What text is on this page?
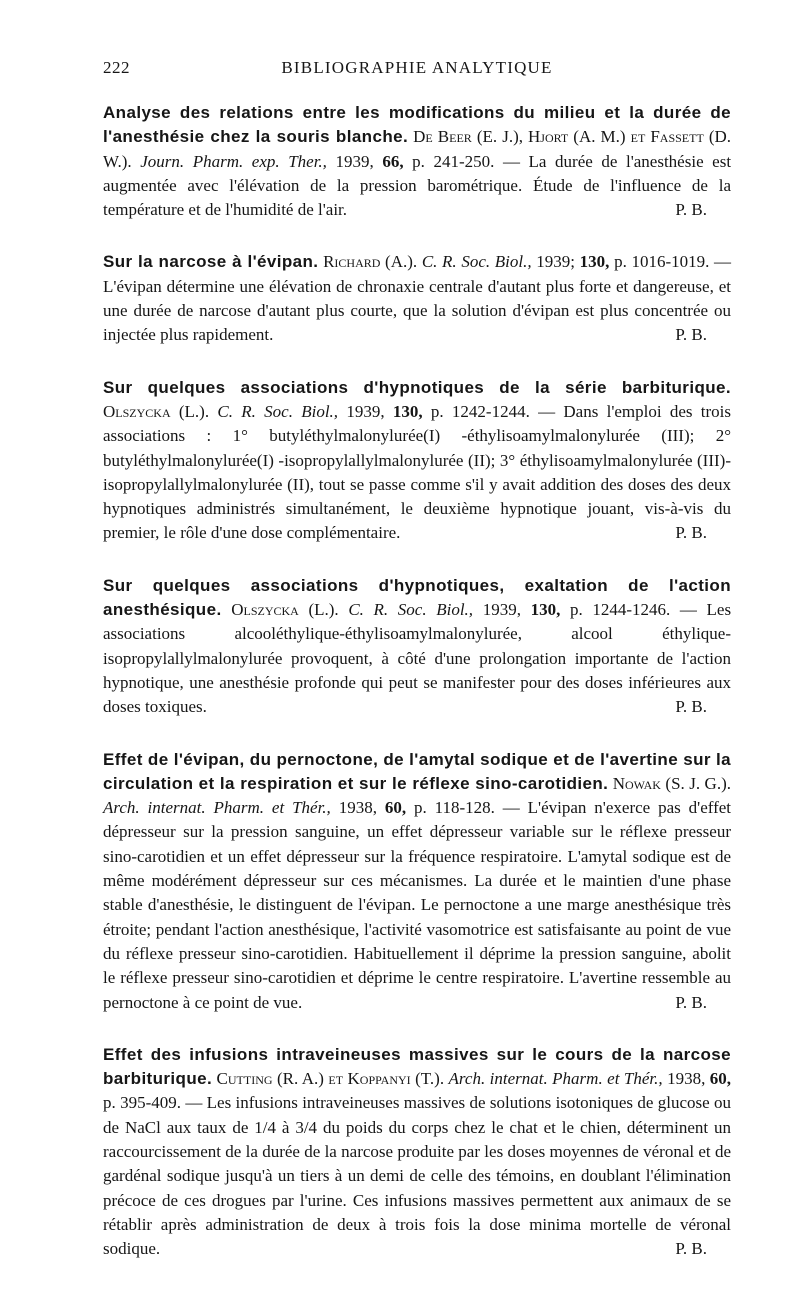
222	BIBLIOGRAPHIE ANALYTIQUE

Analyse des relations entre les modifications du milieu et la durée de l'anesthésie chez la souris blanche. De Beer (E. J.), Hjort (A. M.) et Fassett (D. W.). Journ. Pharm. exp. Ther., 1939, 66, p. 241-250. — La durée de l'anesthésie est augmentée avec l'élévation de la pression barométrique. Étude de l'influence de la température et de l'humidité de l'air.	P. B.

Sur la narcose à l'évipan. Richard (A.). C. R. Soc. Biol., 1939; 130, p. 1016-1019. — L'évipan détermine une élévation de chronaxie centrale d'autant plus forte et dangereuse, et une durée de narcose d'autant plus courte, que la solution d'évipan est plus concentrée ou injectée plus rapidement.	P. B.

Sur quelques associations d'hypnotiques de la série barbiturique. Olszycka (L.). C. R. Soc. Biol., 1939, 130, p. 1242-1244. — Dans l'emploi des trois associations : 1° butyléthylmalonylurée(I) -éthylisoamylmalonylurée (III); 2° butyléthylmalonylurée(I) -isopropylallylmalonylurée (II); 3° éthylisoamylmalonylurée (III)-isopropylallylmalonylurée (II), tout se passe comme s'il y avait addition des doses des deux hypnotiques administrés simultanément, le deuxième hypnotique jouant, vis-à-vis du premier, le rôle d'une dose complémentaire.	P. B.

Sur quelques associations d'hypnotiques, exaltation de l'action anesthésique. Olszycka (L.). C. R. Soc. Biol., 1939, 130, p. 1244-1246. — Les associations alcooléthylique-éthylisoamylmalonylurée, alcool éthylique-isopropylallylmalonylurée provoquent, à côté d'une prolongation importante de l'action hypnotique, une anesthésie profonde qui peut se manifester pour des doses inférieures aux doses toxiques.	P. B.

Effet de l'évipan, du pernoctone, de l'amytal sodique et de l'avertine sur la circulation et la respiration et sur le réflexe sino-carotidien. Nowak (S. J. G.). Arch. internat. Pharm. et Thér., 1938, 60, p. 118-128. — L'évipan n'exerce pas d'effet dépresseur sur la pression sanguine, un effet dépresseur variable sur le réflexe presseur sino-carotidien et un effet dépresseur sur la fréquence respiratoire. L'amytal sodique est de même modérément dépresseur sur ces mécanismes. La durée et le maintien d'une phase stable d'anesthésie, le distinguent de l'évipan. Le pernoctone a une marge anesthésique très étroite; pendant l'action anesthésique, l'activité vasomotrice est satisfaisante au point de vue du réflexe presseur sino-carotidien. Habituellement il déprime la pression sanguine, abolit le réflexe presseur sino-carotidien et déprime le centre respiratoire. L'avertine ressemble au pernoctone à ce point de vue.	P. B.

Effet des infusions intraveineuses massives sur le cours de la narcose barbiturique. Cutting (R. A.) et Koppanyi (T.). Arch. internat. Pharm. et Thér., 1938, 60, p. 395-409. — Les infusions intraveineuses massives de solutions isotoniques de glucose ou de NaCl aux taux de 1/4 à 3/4 du poids du corps chez le chat et le chien, déterminent un raccourcissement de la durée de la narcose produite par les doses moyennes de véronal et de gardénal sodique jusqu'à un tiers à un demi de celle des témoins, en doublant l'élimination précoce de ces drogues par l'urine. Ces infusions massives permettent aux animaux de se rétablir après administration de deux à trois fois la dose minima mortelle de véronal sodique.	P. B.
